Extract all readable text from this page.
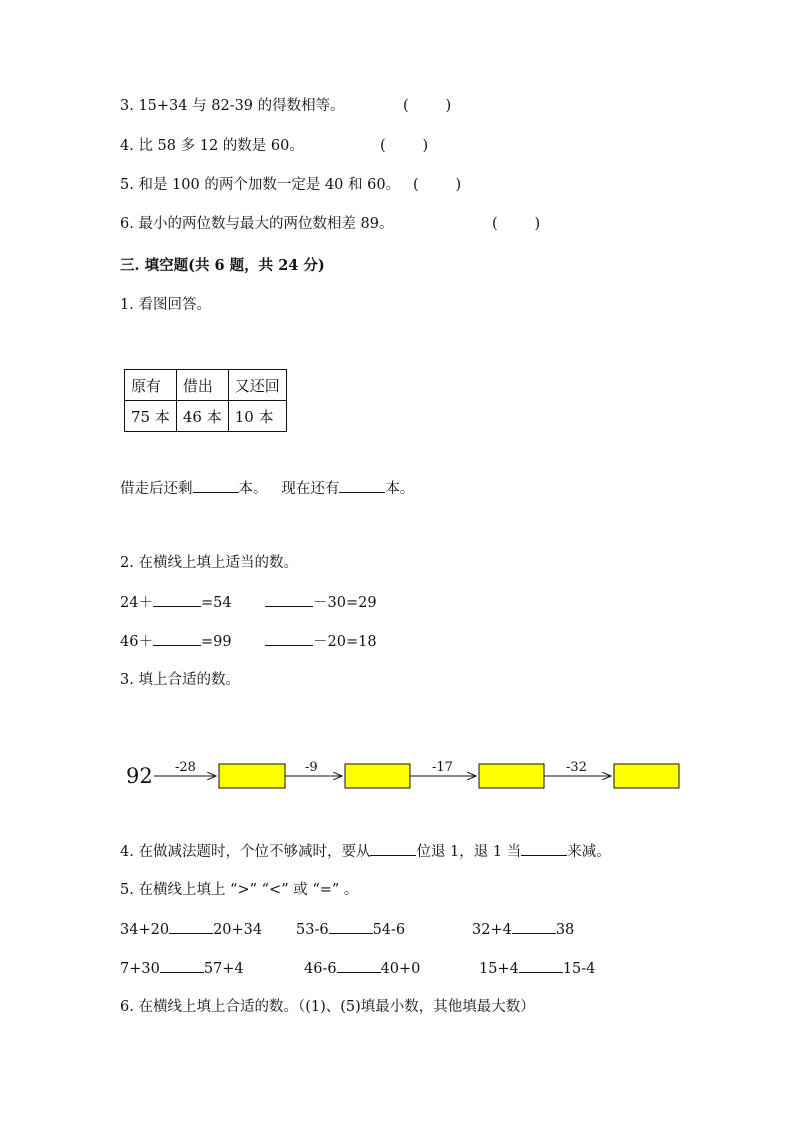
3. 15+34 与 82-39 的得数相等。	(        )
4. 比 58 多 12 的数是 60。	(        )
5. 和是 100 的两个加数一定是 40 和 60。 (        )
6. 最小的两位数与最大的两位数相差 89。	(        )
三. 填空题(共 6 题，共 24 分)
1. 看图回答。
原有	借出	又还回
75 本	46 本	10 本
借走后还剩	本。 现在还有	本。
2. 在横线上填上适当的数。
24＋	=54	－30=29
46＋	=99	－20=18
3. 填上合适的数。
92 -28	-9	-17	-32
4. 在做减法题时，个位不够减时，要从	位退 1，退 1 当	来减。
5. 在横线上填上 “>” “<” 或 “=” 。
34+20	20+34 53-6	54-6	32+4	38
7+30	57+4	46-6	40+0	15+4	15-4
6. 在横线上填上合适的数。（(1)、(5)填最小数，其他填最大数）
